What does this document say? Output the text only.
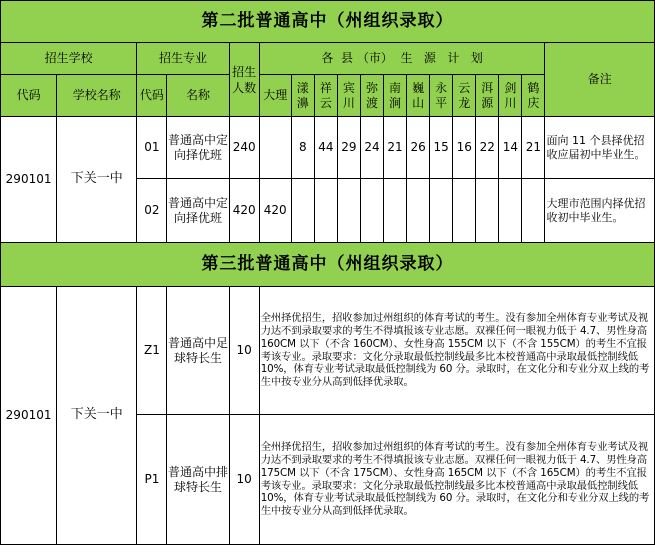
第二批普通高中（州组织录取）																	
招生学校		招生专业		招生人数	各  县 （市）  生   源   计   划												备注
代码	学校名称	代码	名称		大理	漾濞	祥云	宾川	弥渡	南涧	巍山	永平	云龙	洱源	剑川	鹤庆	
290101	下关一中	01	普通高中定向择优班	240		8	44	29	24	21	26	15	16	22	14	21	面向 11 个县择优招收应届初中毕业生。
		02	普通高中定向择优班	420	420												大理市范围内择优招收初中毕业生。
第三批普通高中（州组织录取）																	
290101	下关一中	Z1	普通高中足球特长生	10	全州择优招生，招收参加过州组织的体育考试的考生。没有参加全州体育专业考试及视力达不到录取要求的考生不得填报该专业志愿。双裸任何一眼视力低于 4.7、男性身高 160CM 以下（不含 160CM）、女性身高 155CM 以下（不含 155CM）的考生不宜报考该专业。录取要求：文化分录取最低控制线最多比本校普通高中录取最低控制线低 10%，体育专业考试录取最低控制线为 60 分。录取时，在文化分和专业分双上线的考生中按专业分从高到低择优录取。												
		P1	普通高中排球特长生	10	全州择优招生，招收参加过州组织的体育考试的考生。没有参加全州体育专业考试及视力达不到录取要求的考生不得填报该专业志愿。双裸任何一眼视力低于 4.7、男性身高 175CM 以下（不含 175CM）、女性身高 165CM 以下（不含 165CM）的考生不宜报考该专业。录取要求：文化分录取最低控制线最多比本校普通高中录取最低控制线低 10%，体育专业考试录取最低控制线为 60 分。录取时，在文化分和专业分双上线的考生中按专业分从高到低择优录取。												
